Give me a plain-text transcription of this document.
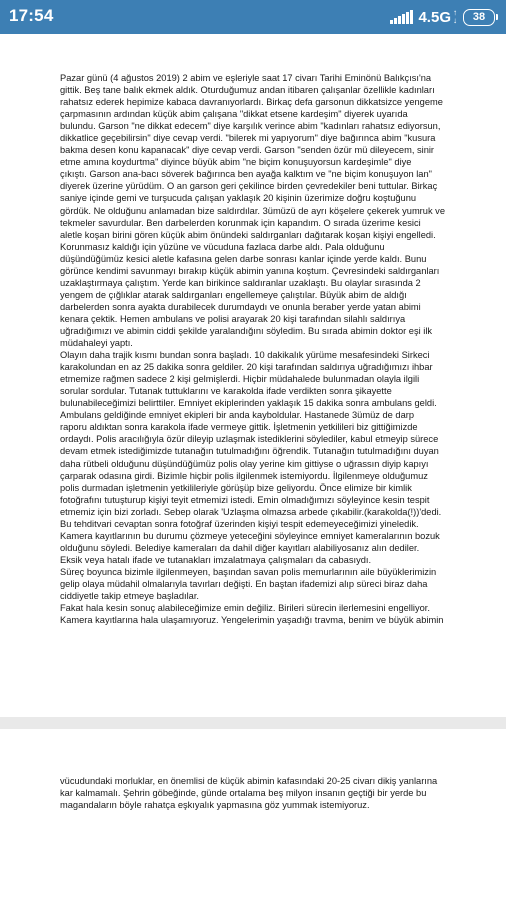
17:54	4.5G ↑
↓	38
Pazar günü (4 ağustos 2019) 2 abim ve eşleriyle saat 17 civarı Tarihi Eminönü Balıkçısı'na
gittik. Beş tane balık ekmek aldık. Oturduğumuz andan itibaren çalışanlar özellikle kadınları
rahatsız ederek hepimize kabaca davranıyorlardı. Birkaç defa garsonun dikkatsizce yengeme
çarpmasının ardından küçük abim çalışana "dikkat etsene kardeşim" diyerek uyarıda
bulundu. Garson "ne dikkat edecem" diye karşılık verince abim "kadınları rahatsız ediyorsun,
dikkatlice geçebilirsin" diye cevap verdi. "bilerek mi yapıyorum" diye bağırınca abim "kusura
bakma desen konu kapanacak" diye cevap verdi. Garson "senden özür mü dileyecem, sinir
etme amına koydurtma" diyince büyük abim "ne biçim konuşuyorsun kardeşimle" diye
çıkıştı. Garson ana-bacı söverek bağırınca ben ayağa kalktım ve "ne biçim konuşuyon lan"
diyerek üzerine yürüdüm. O an garson geri çekilince birden çevredekiler beni tuttular. Birkaç
saniye içinde gemi ve turşucuda çalışan yaklaşık 20 kişinin üzerimize doğru koştuğunu
gördük. Ne olduğunu anlamadan bize saldırdılar. 3ümüzü de ayrı köşelere çekerek yumruk ve
tekmeler savurdular. Ben darbelerden korunmak için kapandım. O sırada üzerime kesici
aletle koşan birini gören küçük abim önündeki saldırganları dağıtarak koşan kişiyi engelledi.
Korunmasız kaldığı için yüzüne ve vücuduna fazlaca darbe aldı. Pala olduğunu
düşündüğümüz kesici aletle kafasına gelen darbe sonrası kanlar içinde yerde kaldı. Bunu
görünce kendimi savunmayı bırakıp küçük abimin yanına koştum. Çevresindeki saldırganları
uzaklaştırmaya çalıştım. Yerde kan birikince saldıranlar uzaklaştı. Bu olaylar sırasında 2
yengem de çığlıklar atarak saldırganları engellemeye çalıştılar. Büyük abim de aldığı
darbelerden sonra ayakta durabilecek durumdaydı ve onunla beraber yerde yatan abimi
kenara çektik. Hemen ambulans ve polisi arayarak 20 kişi tarafından silahlı saldırıya
uğradığımızı ve abimin ciddi şekilde yaralandığını söyledim. Bu sırada abimin doktor eşi ilk
müdahaleyi yaptı.
Olayın daha trajik kısmı bundan sonra başladı. 10 dakikalık yürüme mesafesindeki Sirkeci
karakolundan en az 25 dakika sonra geldiler. 20 kişi tarafından saldırıya uğradığımızı ihbar
etmemize rağmen sadece 2 kişi gelmişlerdi. Hiçbir müdahalede bulunmadan olayla ilgili
sorular sordular. Tutanak tuttuklarını ve karakolda ifade verdikten sonra şikayette
bulunabileceğimizi belirttiler. Emniyet ekiplerinden yaklaşık 15 dakika sonra ambulans geldi.
Ambulans geldiğinde emniyet ekipleri bir anda kayboldular. Hastanede 3ümüz de darp
raporu aldıktan sonra karakola ifade vermeye gittik. İşletmenin yetkilileri biz gittiğimizde
ordaydı. Polis aracılığıyla özür dileyip uzlaşmak istediklerini söylediler, kabul etmeyip sürece
devam etmek istediğimizde tutanağın tutulmadığını öğrendik. Tutanağın tutulmadığını duyan
daha rütbeli olduğunu düşündüğümüz polis olay yerine kim gittiyse o uğrassın diyip kapıyı
çarparak odasına girdi. Bizimle hiçbir polis ilgilenmek istemiyordu. İlgilenmeye olduğumuz
polis durmadan işletmenin yetkilileriyle görüşüp bize geliyordu. Önce elimize bir kimlik
fotoğrafını tutuşturup kişiyi teyit etmemizi istedi. Emin olmadığımızı söyleyince kesin tespit
etmemiz için bizi zorladı. Sebep olarak 'Uzlaşma olmazsa arbede çıkabilir.(karakolda(!))'dedi.
Bu tehditvari cevaptan sonra fotoğraf üzerinden kişiyi tespit edemeyeceğimizi yineledik.
Kamera kayıtlarının bu durumu çözmeye yeteceğini söyleyince emniyet kameralarının bozuk
olduğunu söyledi. Belediye kameraları da dahil diğer kayıtları alabiliyosanız alın dediler.
Eksik veya hatalı ifade ve tutanakları imzalatmaya çalışmaları da cabasıydı.
Süreç boyunca bizimle ilgilenmeyen, başından savan polis memurlarının aile büyüklerimizin
gelip olaya müdahil olmalarıyla tavırları değişti. En baştan ifademizi alıp süreci biraz daha
ciddiyetle takip etmeye başladılar.
Fakat hala kesin sonuç alabileceğimize emin değiliz. Birileri sürecin ilerlemesini engelliyor.
Kamera kayıtlarına hala ulaşamıyoruz. Yengelerimin yaşadığı travma, benim ve büyük abimin
vücudundaki morluklar, en önemlisi de küçük abimin kafasındaki 20-25 civarı dikiş yanlarına
kar kalmamalı. Şehrin göbeğinde, günde ortalama beş milyon insanın geçtiği bir yerde bu
magandaların böyle rahatça eşkıyalık yapmasına göz yummak istemiyoruz.
